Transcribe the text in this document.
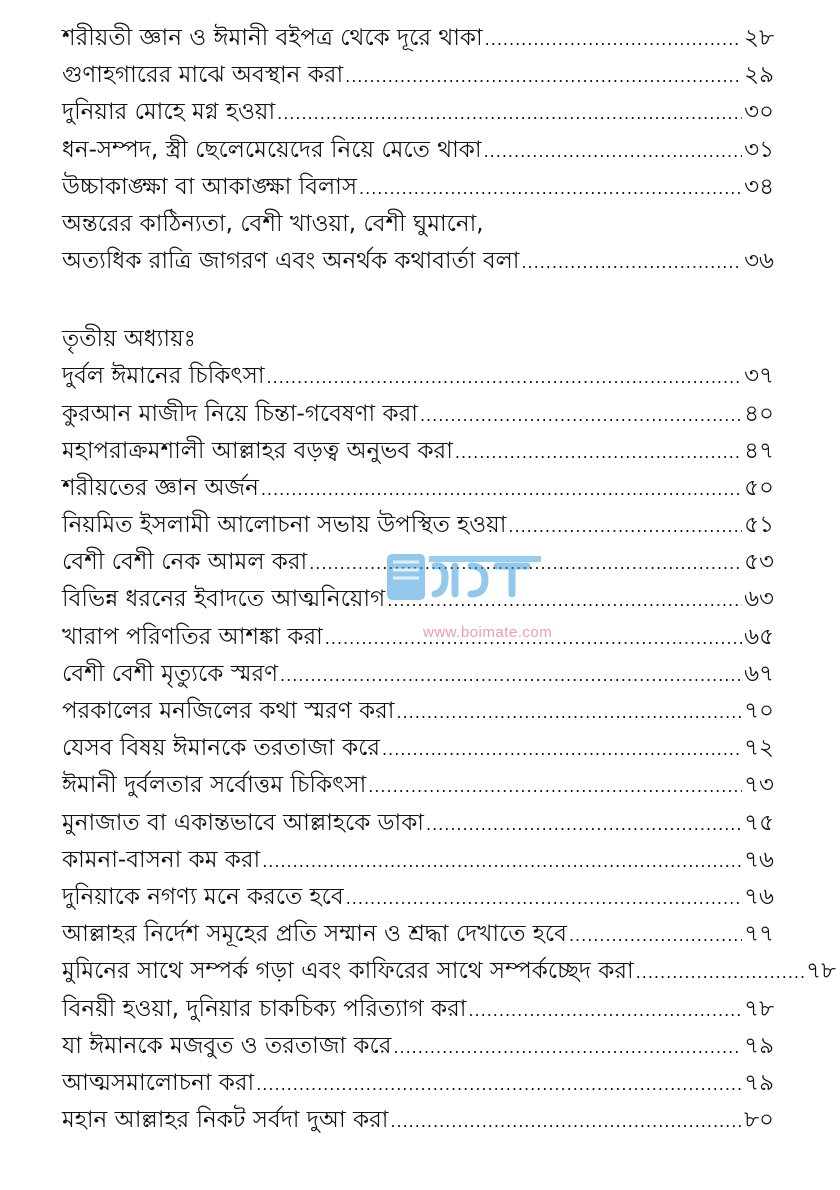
শরীয়তী জ্ঞান ও ঈমানী বইপত্র থেকে দূরে থাকা .....	২৮
গুণাহগারের মাঝে অবস্থান করা .....	২৯
দুনিয়ার মোহে মগ্ন হওয়া .....	৩০
ধন-সম্পদ, স্ত্রী ছেলেমেয়েদের নিয়ে মেতে থাকা .....	৩১
উচ্চাকাঙ্ক্ষা বা আকাঙ্ক্ষা বিলাস .....	৩৪
অন্তরের কাঠিন্যতা, বেশী খাওয়া, বেশী ঘুমানো,
অত্যধিক রাত্রি জাগরণ এবং অনর্থক কথাবার্তা বলা .....	৩৬
তৃতীয় অধ্যায়ঃ
দুর্বল ঈমানের চিকিৎসা .....	৩৭
কুরআন মাজীদ নিয়ে চিন্তা-গবেষণা করা .....	৪০
মহাপরাক্রমশালী আল্লাহর বড়ত্ব অনুভব করা .....	৪৭
শরীয়তের জ্ঞান অর্জন .....	৫০
নিয়মিত ইসলামী আলোচনা সভায় উপস্থিত হওয়া .....	৫১
বেশী বেশী নেক আমল করা .....	৫৩
বিভিন্ন ধরনের ইবাদতে আত্মনিয়োগ .....	৬৩
খারাপ পরিণতির আশঙ্কা করা .....	৬৫
বেশী বেশী মৃত্যুকে স্মরণ .....	৬৭
পরকালের মনজিলের কথা স্মরণ করা .....	৭০
যেসব বিষয় ঈমানকে তরতাজা করে .....	৭২
ঈমানী দুর্বলতার সর্বোত্তম চিকিৎসা .....	৭৩
মুনাজাত বা একান্তভাবে আল্লাহকে ডাকা .....	৭৫
কামনা-বাসনা কম করা .....	৭৬
দুনিয়াকে নগণ্য মনে করতে হবে .....	৭৬
আল্লাহর নির্দেশ সমূহের প্রতি সম্মান ও শ্রদ্ধা দেখাতে হবে .....	৭৭
মুমিনের সাথে সম্পর্ক গড়া এবং কাফিরের সাথে সম্পর্কচ্ছেদ করা .....	৭৮
বিনয়ী হওয়া, দুনিয়ার চাকচিক্য পরিত্যাগ করা .....	৭৮
যা ঈমানকে মজবুত ও তরতাজা করে .....	৭৯
আত্মসমালোচনা করা .....	৭৯
মহান আল্লাহর নিকট সর্বদা দুআ করা .....	৮০
www.boimate.com
